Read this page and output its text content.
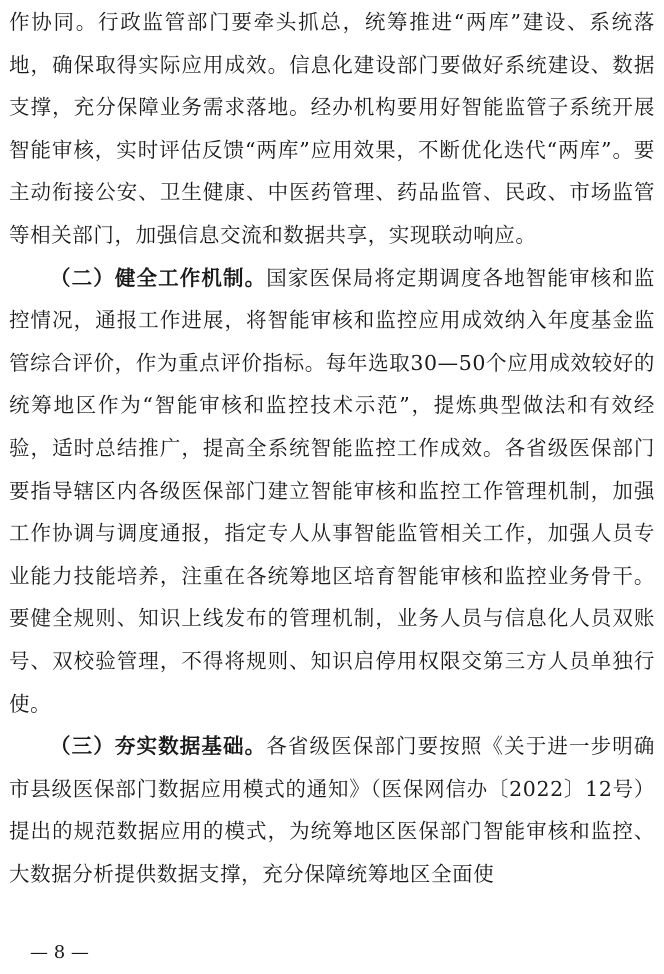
作协同。行政监管部门要牵头抓总，统筹推进“两库”建设、系统落地，确保取得实际应用成效。信息化建设部门要做好系统建设、数据支撑，充分保障业务需求落地。经办机构要用好智能监管子系统开展智能审核，实时评估反馈“两库”应用效果，不断优化迭代“两库”。要主动衔接公安、卫生健康、中医药管理、药品监管、民政、市场监管等相关部门，加强信息交流和数据共享，实现联动响应。

（二）健全工作机制。国家医保局将定期调度各地智能审核和监控情况，通报工作进展，将智能审核和监控应用成效纳入年度基金监管综合评价，作为重点评价指标。每年选取30—50个应用成效较好的统筹地区作为“智能审核和监控技术示范”，提炼典型做法和有效经验，适时总结推广，提高全系统智能监控工作成效。各省级医保部门要指导辖区内各级医保部门建立智能审核和监控工作管理机制，加强工作协调与调度通报，指定专人从事智能监管相关工作，加强人员专业能力技能培养，注重在各统筹地区培育智能审核和监控业务骨干。要健全规则、知识上线发布的管理机制，业务人员与信息化人员双账号、双校验管理，不得将规则、知识启停用权限交第三方人员单独行使。

（三）夯实数据基础。各省级医保部门要按照《关于进一步明确市县级医保部门数据应用模式的通知》（医保网信办〔2022〕12号）提出的规范数据应用的模式，为统筹地区医保部门智能审核和监控、大数据分析提供数据支撑，充分保障统筹地区全面使

— 8 —
